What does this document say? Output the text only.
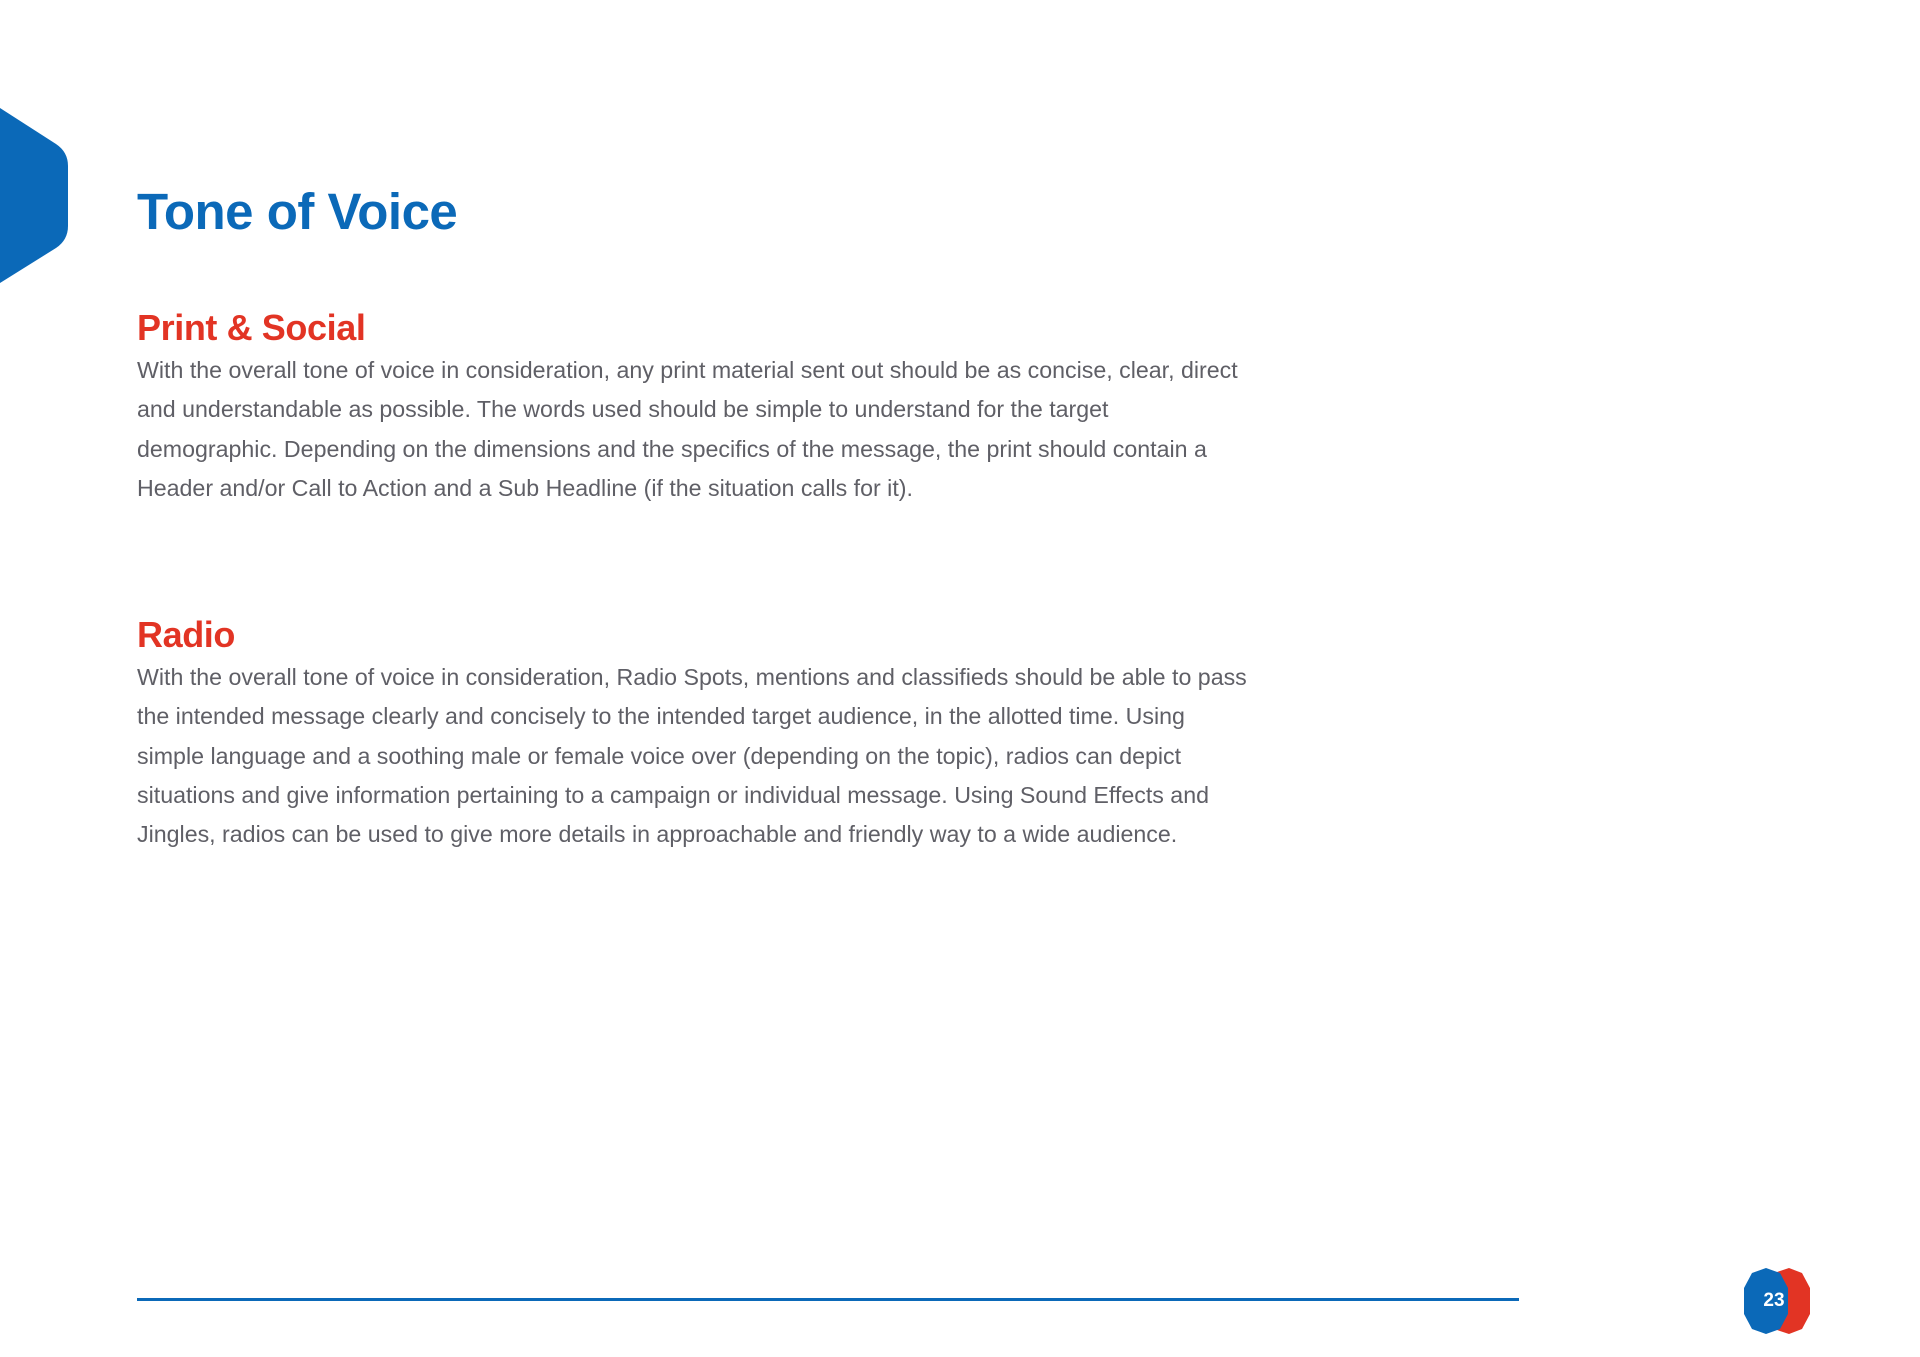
Tone of Voice
Print & Social

With the overall tone of voice in consideration, any print material sent out should be as concise, clear, direct and understandable as possible. The words used should be simple to understand for the target demographic. Depending on the dimensions and the specifics of the message, the print should contain a Header and/or Call to Action and a Sub Headline (if the situation calls for it).

Radio

With the overall tone of voice in consideration, Radio Spots, mentions and classifieds should be able to pass the intended message clearly and concisely to the intended target audience, in the allotted time. Using simple language and a soothing male or female voice over (depending on the topic), radios can depict situations and give information pertaining to a campaign or individual message. Using Sound Effects and Jingles, radios can be used to give more details in approachable and friendly way to a wide audience.

23
